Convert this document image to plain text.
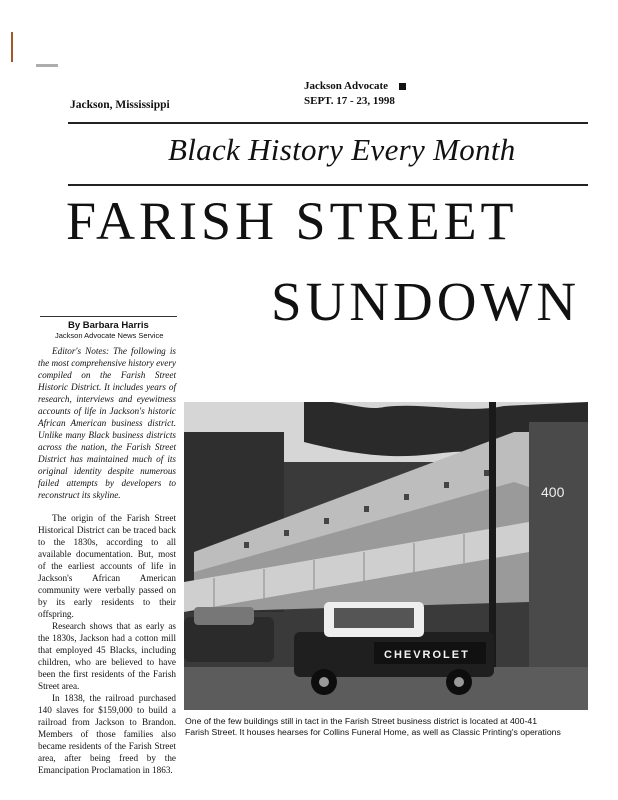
Jackson Advocate
SEPT. 17 - 23, 1998
Jackson, Mississippi
Black History Every Month
FARISH STREET
SUNDOWN
By Barbara Harris
Jackson Advocate News Service

Editor's Notes: The following is the most comprehensive history every compiled on the Farish Street Historic District. It includes years of research, interviews and eyewitness accounts of life in Jackson's historic African American business district. Unlike many Black business districts across the nation, the Farish Street District has maintained much of its original identity despite numerous failed attempts by developers to reconstruct its skyline.

The origin of the Farish Street Historical District can be traced back to the 1830s, according to all available documentation. But, most of the earliest accounts of life in Jackson's African American community were verbally passed on by its early residents to their offspring.

Research shows that as early as the 1830s, Jackson had a cotton mill that employed 45 Blacks, including children, who are believed to have been the first residents of the Farish Street area.

In 1838, the railroad purchased 140 slaves for $159,000 to build a railroad from Jackson to Brandon. Members of those families also became residents of the Farish Street area, after being freed by the Emancipation Proclamation in 1863.

400
CHEVROLET
One of the few buildings still in tact in the Farish Street business district is located at 400-41
Farish Street. It houses hearses for Collins Funeral Home, as well as Classic Printing's operations
